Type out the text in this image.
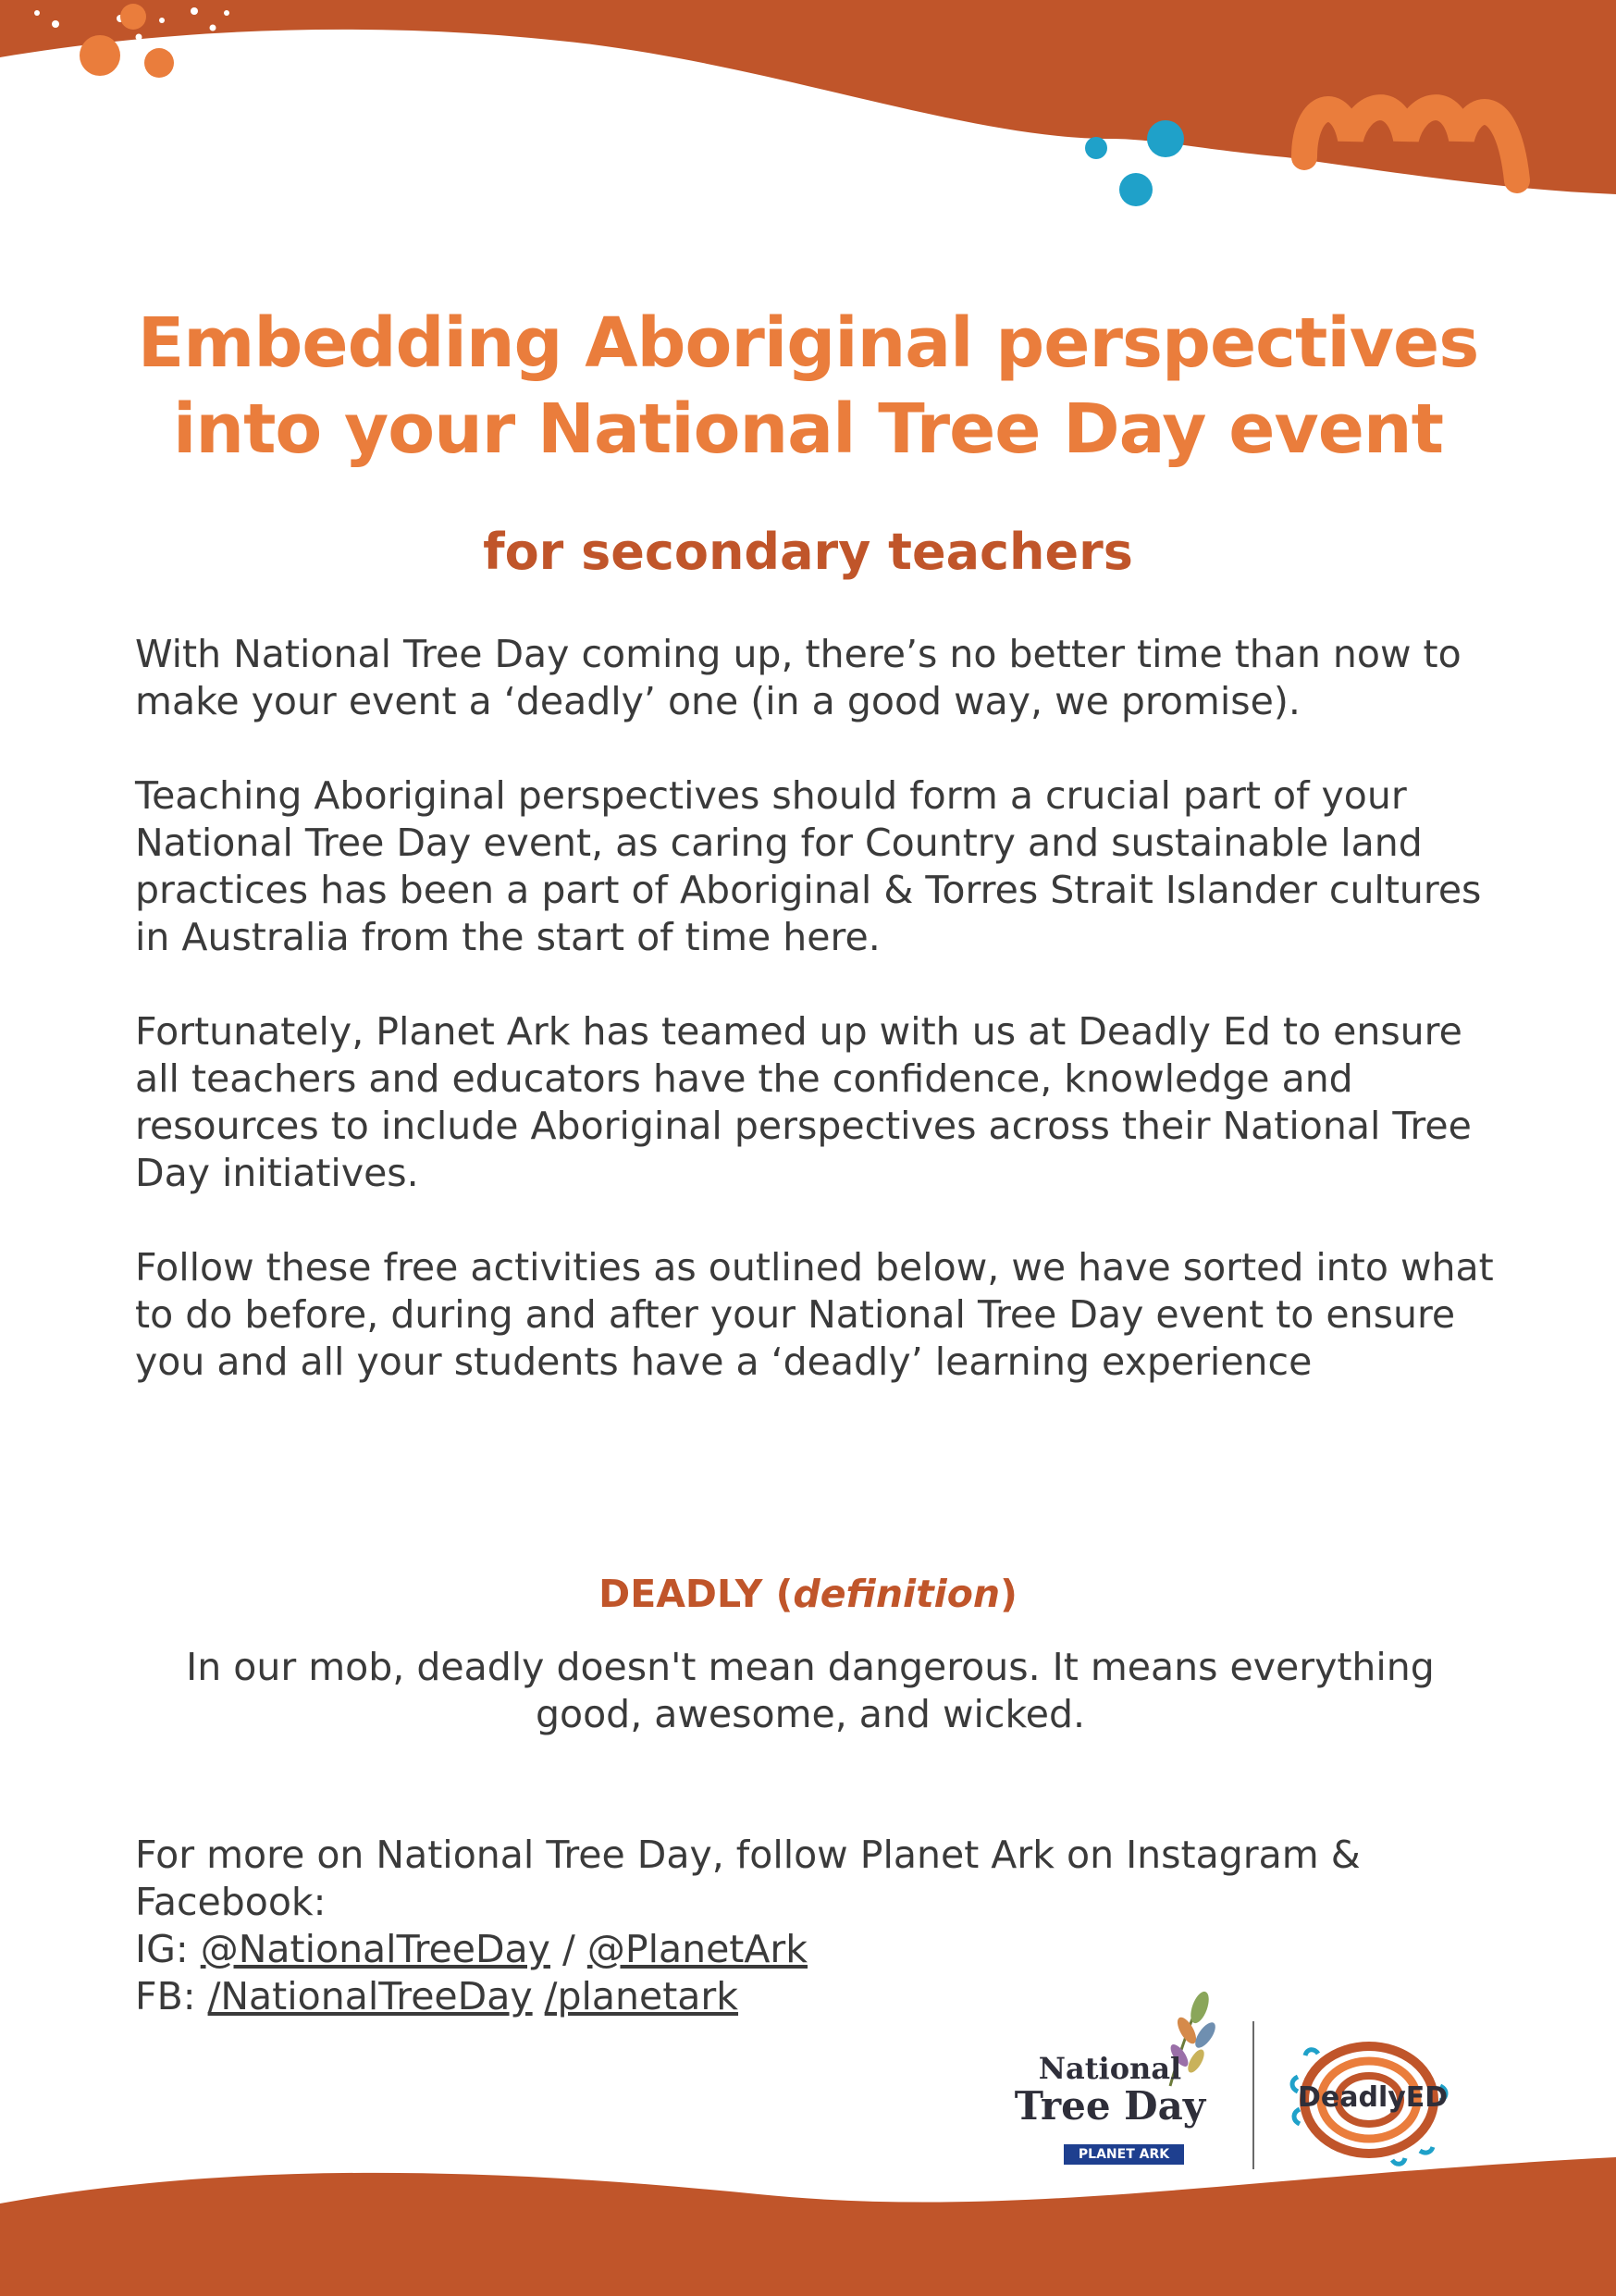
Embedding Aboriginal perspectives
into your National Tree Day event
for secondary teachers

With National Tree Day coming up, there’s no better time than now to make your event a ‘deadly’ one (in a good way, we promise).

Teaching Aboriginal perspectives should form a crucial part of your National Tree Day event, as caring for Country and sustainable land practices has been a part of Aboriginal & Torres Strait Islander cultures in Australia from the start of time here.

Fortunately, Planet Ark has teamed up with us at Deadly Ed to ensure all teachers and educators have the confidence, knowledge and resources to include Aboriginal perspectives across their National Tree Day initiatives.

Follow these free activities as outlined below, we have sorted into what to do before, during and after your National Tree Day event to ensure you and all your students have a ‘deadly’ learning experience

DEADLY (definition)

In our mob, deadly doesn't mean dangerous. It means everything good, awesome, and wicked.

For more on National Tree Day, follow Planet Ark on Instagram & Facebook:
IG: @NationalTreeDay / @PlanetArk
FB: /NationalTreeDay /planetark
National
Tree Day
PLANET ARK
DeadlyED
